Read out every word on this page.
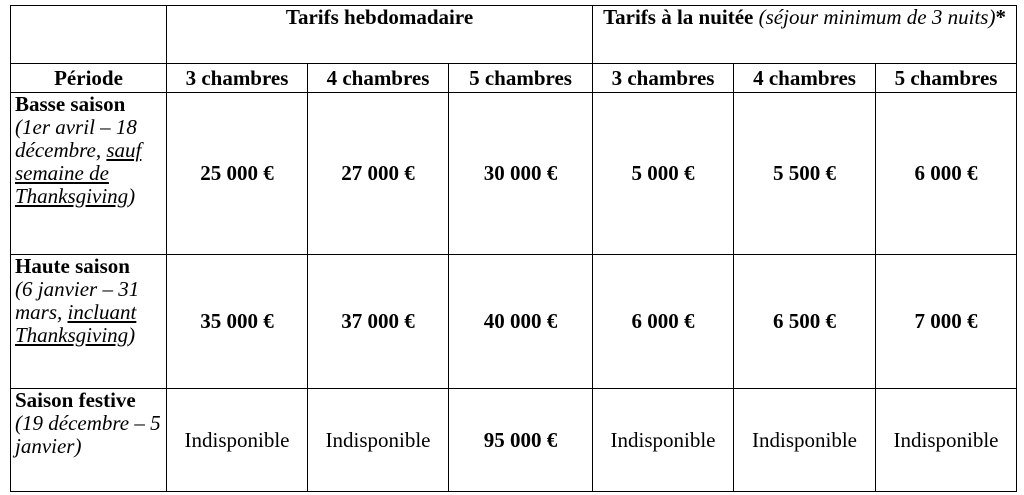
	Tarifs hebdomadaire			Tarifs à la nuitée (séjour minimum de 3 nuits)*		
Période	3 chambres	4 chambres	5 chambres	3 chambres	4 chambres	5 chambres

Basse saison
(1er avril – 18 décembre, sauf semaine de Thanksgiving)	25 000 €	27 000 €	30 000 €	5 000 €	5 500 €	6 000 €

Haute saison
(6 janvier – 31 mars, incluant Thanksgiving)	35 000 €	37 000 €	40 000 €	6 000 €	6 500 €	7 000 €

Saison festive (19 décembre – 5 janvier)	Indisponible	Indisponible	95 000 €	Indisponible	Indisponible	Indisponible
